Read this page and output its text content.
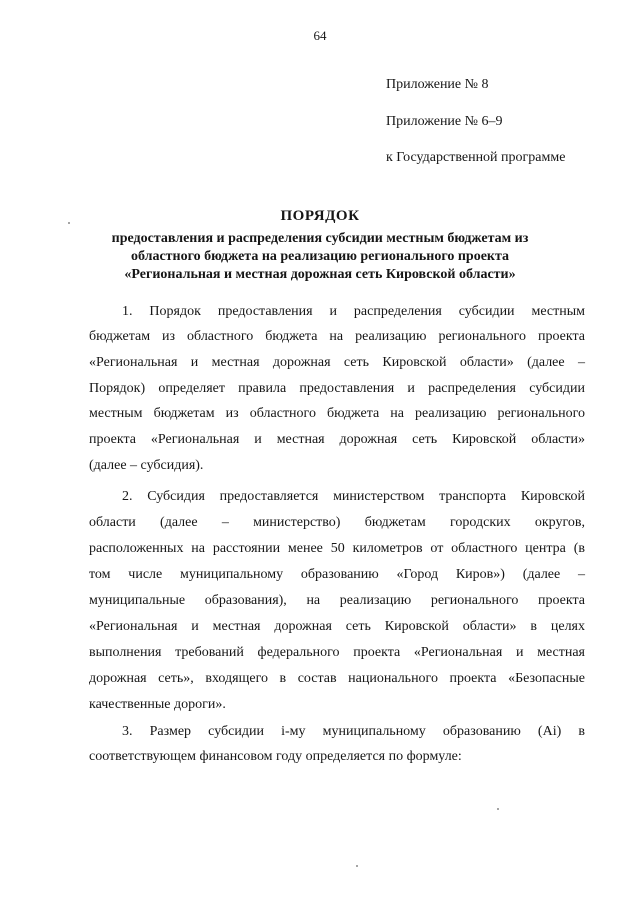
64
Приложение № 8
Приложение № 6–9
к Государственной программе
ПОРЯДОК
предоставления и распределения субсидии местным бюджетам из
областного бюджета на реализацию регионального проекта
«Региональная и местная дорожная сеть Кировской области»
1. Порядок предоставления и распределения субсидии местным
бюджетам из областного бюджета на реализацию регионального проекта
«Региональная и местная дорожная сеть Кировской области» (далее –
Порядок) определяет правила предоставления и распределения субсидии
местным бюджетам из областного бюджета на реализацию регионального
проекта «Региональная и местная дорожная сеть Кировской области»
(далее – субсидия).
2. Субсидия предоставляется министерством транспорта Кировской
области (далее – министерство) бюджетам городских округов,
расположенных на расстоянии менее 50 километров от областного центра (в
том числе муниципальному образованию «Город Киров») (далее –
муниципальные образования), на реализацию регионального проекта
«Региональная и местная дорожная сеть Кировской области» в целях
выполнения требований федерального проекта «Региональная и местная
дорожная сеть», входящего в состав национального проекта «Безопасные
качественные дороги».
3. Размер субсидии i-му муниципальному образованию (Ai) в
соответствующем финансовом году определяется по формуле:
